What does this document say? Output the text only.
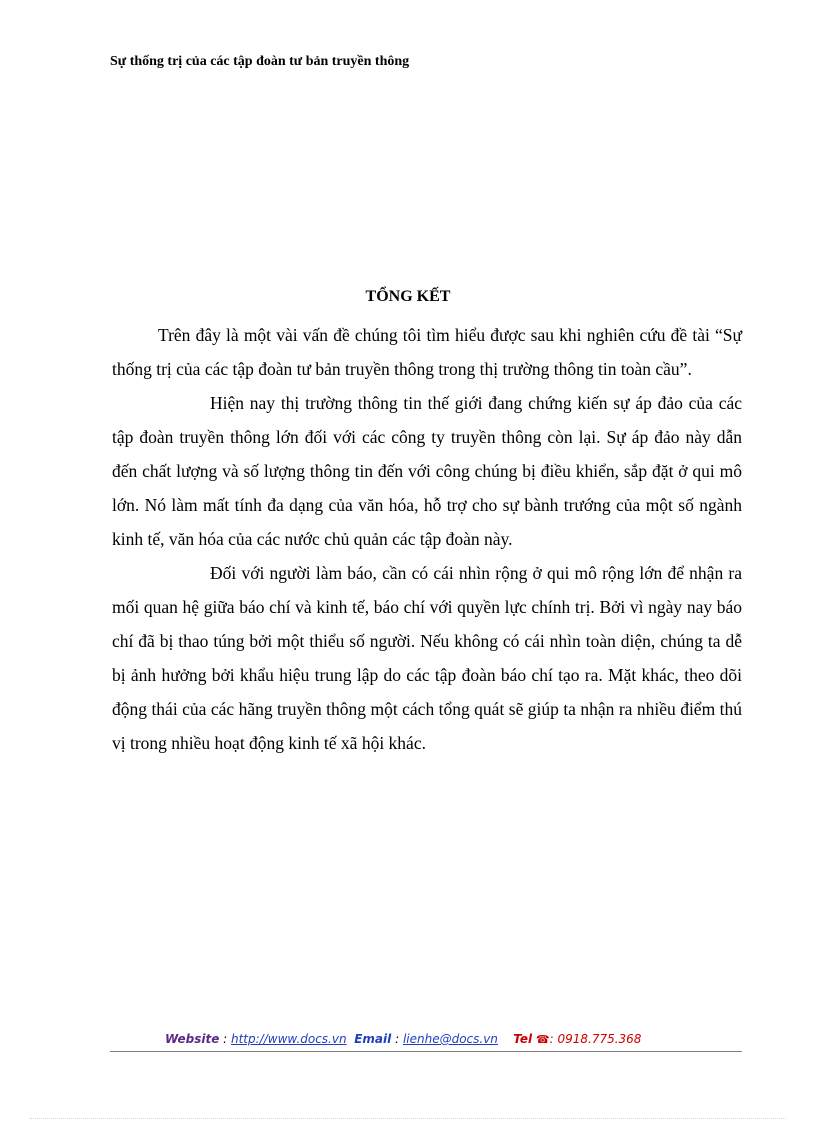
Sự thống trị của các tập đoàn tư bản truyền thông
TỔNG KẾT

Trên đây là một vài vấn đề chúng tôi tìm hiểu được sau khi nghiên cứu đề tài “Sự thống trị của các tập đoàn tư bản truyền thông trong thị trường thông tin toàn cầu”.

Hiện nay thị trường thông tin thế giới đang chứng kiến sự áp đảo của các tập đoàn truyền thông lớn đối với các công ty truyền thông còn lại. Sự áp đảo này dẫn đến chất lượng và số lượng thông tin đến với công chúng bị điều khiển, sắp đặt ở qui mô lớn. Nó làm mất tính đa dạng của văn hóa, hỗ trợ cho sự bành trướng của một số ngành kinh tế, văn hóa của các nước chủ quản các tập đoàn này.

Đối với người làm báo, cần có cái nhìn rộng ở qui mô rộng lớn để nhận ra mối quan hệ giữa báo chí và kinh tế, báo chí với quyền lực chính trị. Bởi vì ngày nay báo chí đã bị thao túng bởi một thiểu số người. Nếu không có cái nhìn toàn diện, chúng ta dễ bị ảnh hưởng bởi khẩu hiệu trung lập do các tập đoàn báo chí tạo ra. Mặt khác, theo dõi động thái của các hãng truyền thông một cách tổng quát sẽ giúp ta nhận ra nhiều điểm thú vị trong nhiều hoạt động kinh tế xã hội khác.

Website : http://www.docs.vn Email : lienhe@docs.vn Tel ☎: 0918.775.368
